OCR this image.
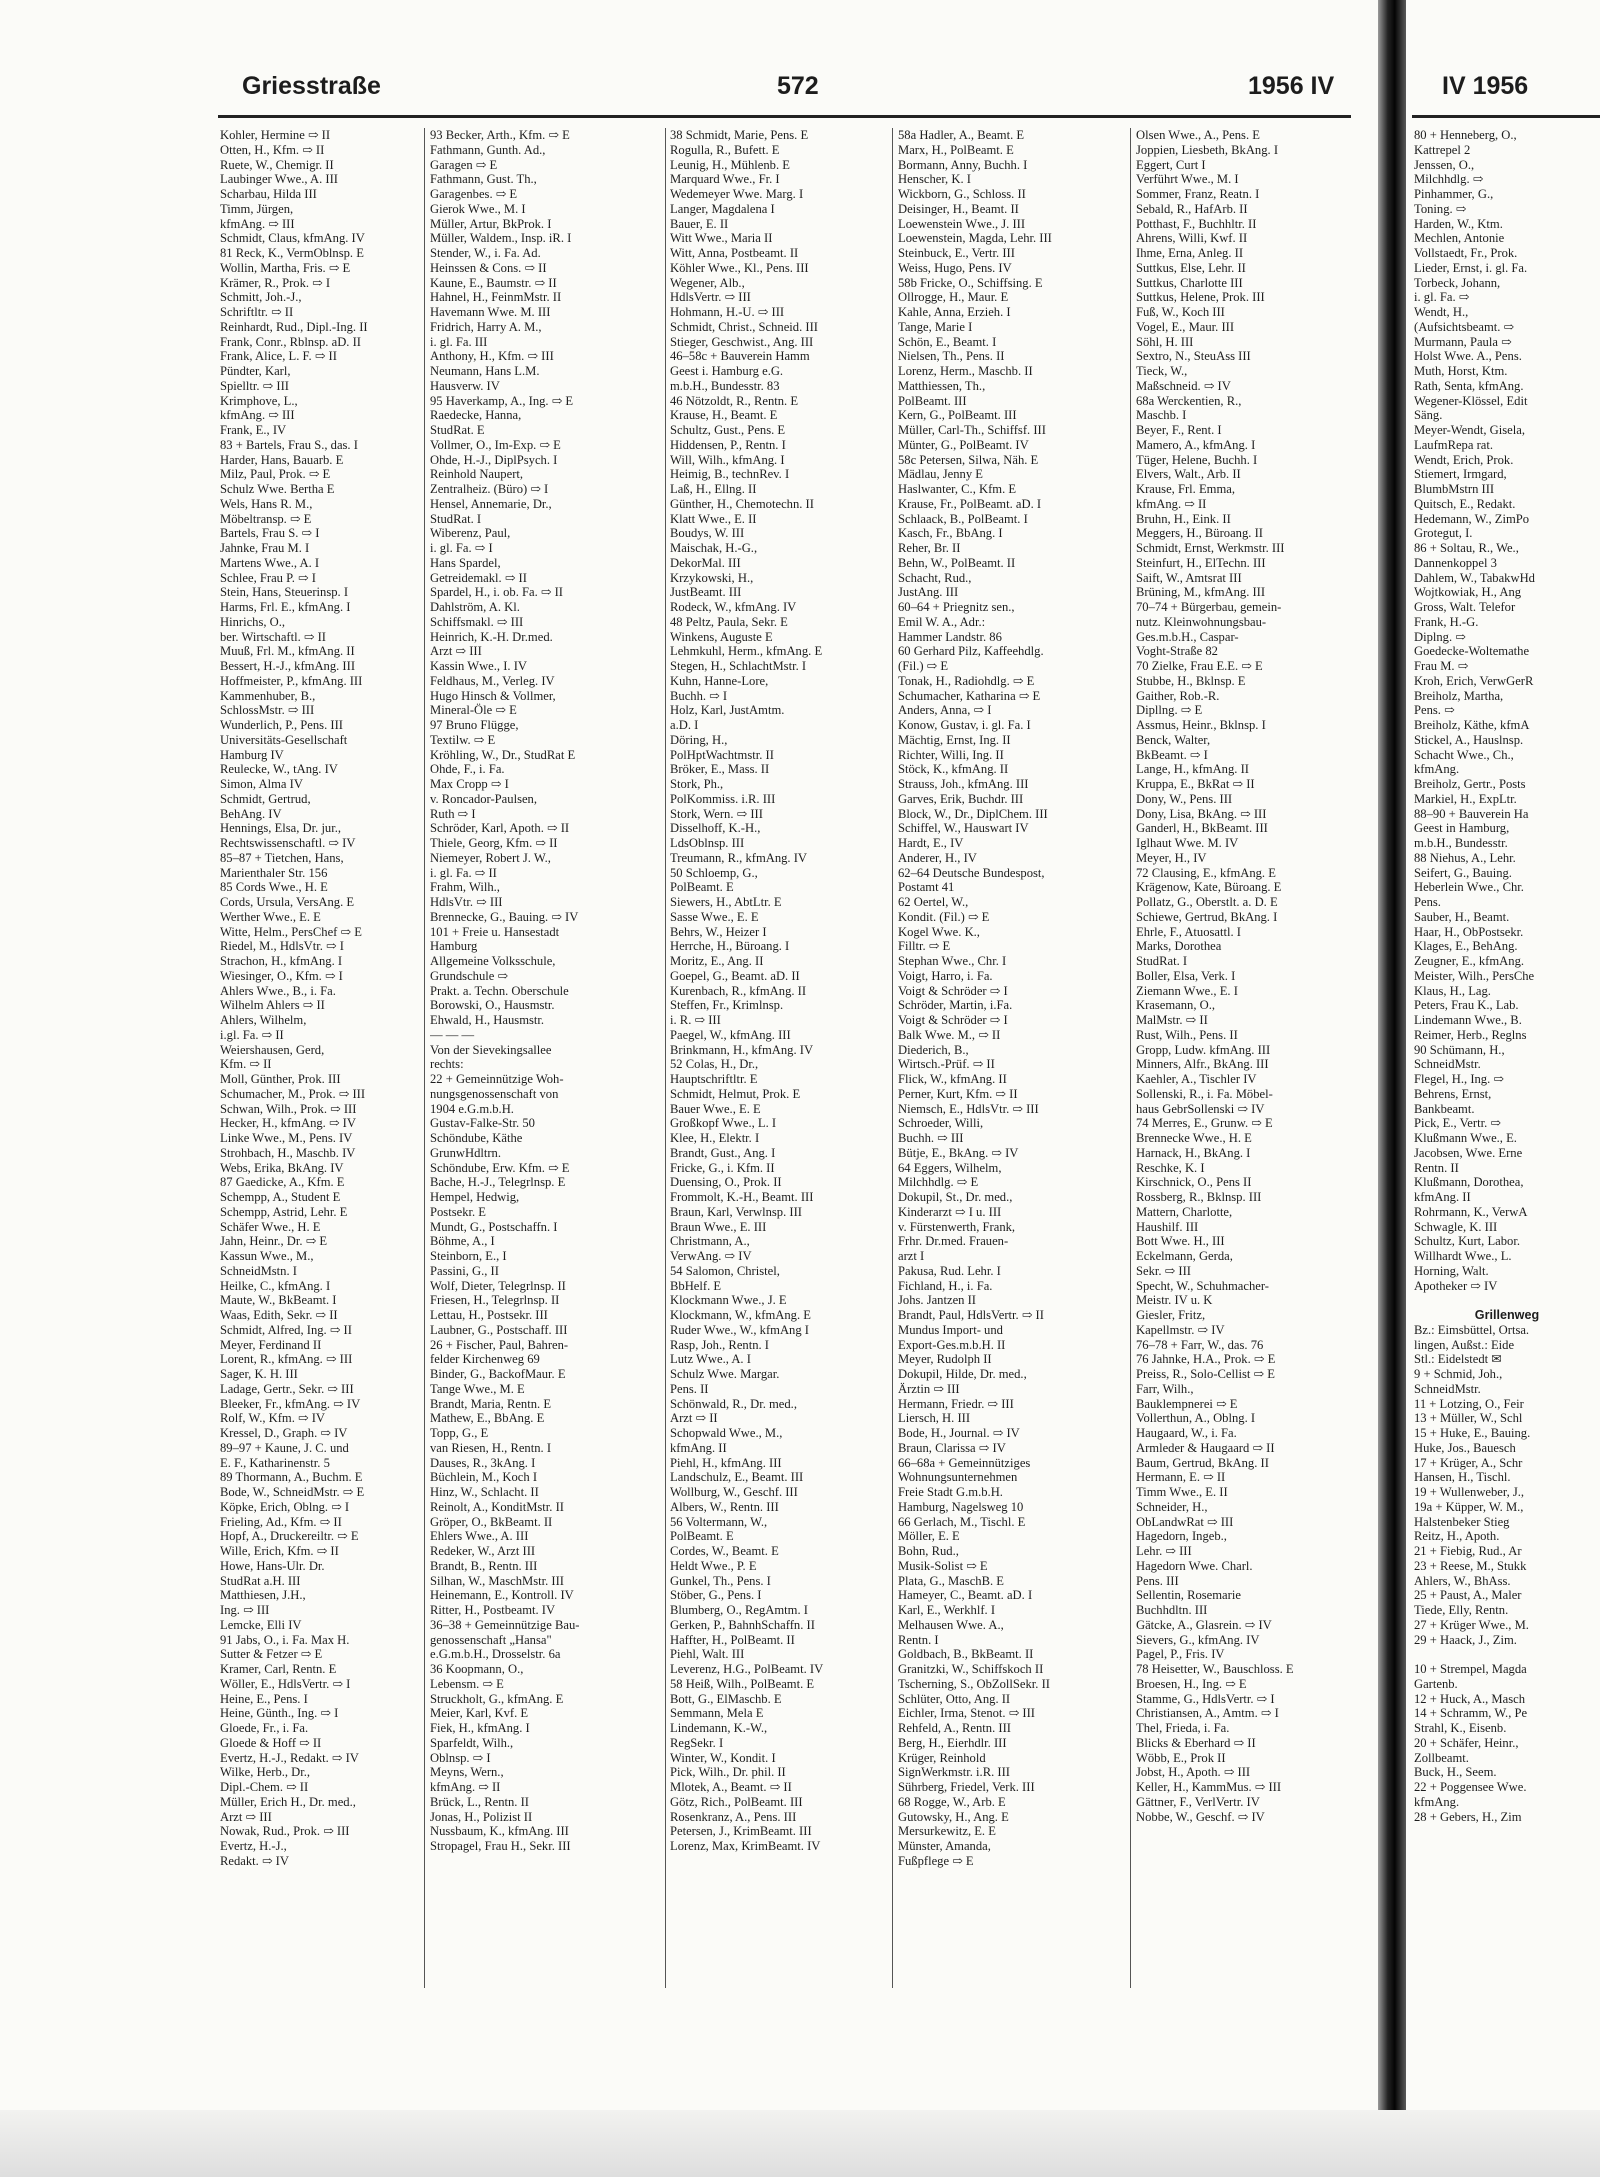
Griesstraße	572	1956 IV	IV 1956
Kohler, Hermine ⇨ II
Otten, H., Kfm. ⇨ II
Ruete, W., Chemigr. II
Laubinger Wwe., A. III
Scharbau, Hilda III
Timm, Jürgen,
kfmAng. ⇨ III
Schmidt, Claus, kfmAng. IV
81 Reck, K., VermOblnsp. E
Wollin, Martha, Fris. ⇨ E
Krämer, R., Prok. ⇨ I
Schmitt, Joh.-J.,
Schriftltr. ⇨ II
Reinhardt, Rud., Dipl.-Ing. II
Frank, Conr., Rblnsp. aD. II
Frank, Alice, L. F. ⇨ II
Pündter, Karl,
Spielltr. ⇨ III
Krimphove, L.,
kfmAng. ⇨ III
Frank, E., IV
83 + Bartels, Frau S., das. I
Harder, Hans, Bauarb. E
Milz, Paul, Prok. ⇨ E
Schulz Wwe. Bertha E
Wels, Hans R. M.,
Möbeltransp. ⇨ E
Bartels, Frau S. ⇨ I
Jahnke, Frau M. I
Martens Wwe., A. I
Schlee, Frau P. ⇨ I
Stein, Hans, Steuerinsp. I
Harms, Frl. E., kfmAng. I
Hinrichs, O.,
ber. Wirtschaftl. ⇨ II
Muuß, Frl. M., kfmAng. II
Bessert, H.-J., kfmAng. III
Hoffmeister, P., kfmAng. III
Kammenhuber, B.,
SchlossMstr. ⇨ III
Wunderlich, P., Pens. III
Universitäts-Gesellschaft
Hamburg IV
Reulecke, W., tAng. IV
Simon, Alma IV
Schmidt, Gertrud,
BehAng. IV
Hennings, Elsa, Dr. jur.,
Rechtswissenschaftl. ⇨ IV
85–87 + Tietchen, Hans,
Marienthaler Str. 156
85 Cords Wwe., H. E
Cords, Ursula, VersAng. E
Werther Wwe., E. E
Witte, Helm., PersChef ⇨ E
Riedel, M., HdlsVtr. ⇨ I
Strachon, H., kfmAng. I
Wiesinger, O., Kfm. ⇨ I
Ahlers Wwe., B., i. Fa.
Wilhelm Ahlers ⇨ II
Ahlers, Wilhelm,
i.gl. Fa. ⇨ II
Weiershausen, Gerd,
Kfm. ⇨ II
Moll, Günther, Prok. III
Schumacher, M., Prok. ⇨ III
Schwan, Wilh., Prok. ⇨ III
Hecker, H., kfmAng. ⇨ IV
Linke Wwe., M., Pens. IV
Strohbach, H., Maschb. IV
Webs, Erika, BkAng. IV
87 Gaedicke, A., Kfm. E
Schempp, A., Student E
Schempp, Astrid, Lehr. E
Schäfer Wwe., H. E
Jahn, Heinr., Dr. ⇨ E
Kassun Wwe., M.,
SchneidMstn. I
Heilke, C., kfmAng. I
Maute, W., BkBeamt. I
Waas, Edith, Sekr. ⇨ II
Schmidt, Alfred, Ing. ⇨ II
Meyer, Ferdinand II
Lorent, R., kfmAng. ⇨ III
Sager, K. H. III
Ladage, Gertr., Sekr. ⇨ III
Bleeker, Fr., kfmAng. ⇨ IV
Rolf, W., Kfm. ⇨ IV
Kressel, D., Graph. ⇨ IV
89–97 + Kaune, J. C. und
E. F., Katharinenstr. 5
89 Thormann, A., Buchm. E
Bode, W., SchneidMstr. ⇨ E
Köpke, Erich, Oblng. ⇨ I
Frieling, Ad., Kfm. ⇨ II
Hopf, A., Druckereiltr. ⇨ E
Wille, Erich, Kfm. ⇨ II
Howe, Hans-Ulr. Dr.
StudRat a.H. III
Matthiesen, J.H.,
Ing. ⇨ III
Lemcke, Elli IV
91 Jabs, O., i. Fa. Max H.
Sutter & Fetzer ⇨ E
Kramer, Carl, Rentn. E
Wöller, E., HdlsVertr. ⇨ I
Heine, E., Pens. I
Heine, Günth., Ing. ⇨ I
Gloede, Fr., i. Fa.
Gloede & Hoff ⇨ II
Evertz, H.-J., Redakt. ⇨ IV
Wilke, Herb., Dr.,
Dipl.-Chem. ⇨ II
Müller, Erich H., Dr. med.,
Arzt ⇨ III
Nowak, Rud., Prok. ⇨ III
Evertz, H.-J.,
Redakt. ⇨ IV
93 Becker, Arth., Kfm. ⇨ E
Fathmann, Gunth. Ad.,
Garagen ⇨ E
Fathmann, Gust. Th.,
Garagenbes. ⇨ E
Gierok Wwe., M. I
Müller, Artur, BkProk. I
Müller, Waldem., Insp. iR. I
Stender, W., i. Fa. Ad.
Heinssen & Cons. ⇨ II
Kaune, E., Baumstr. ⇨ II
Hahnel, H., FeinmMstr. II
Havemann Wwe. M. III
Fridrich, Harry A. M.,
i. gl. Fa. III
Anthony, H., Kfm. ⇨ III
Neumann, Hans L.M.
Hausverw. IV
95 Haverkamp, A., Ing. ⇨ E
Raedecke, Hanna,
StudRat. E
Vollmer, O., Im-Exp. ⇨ E
Ohde, H.-J., DiplPsych. I
Reinhold Naupert,
Zentralheiz. (Büro) ⇨ I
Hensel, Annemarie, Dr.,
StudRat. I
Wiberenz, Paul,
i. gl. Fa. ⇨ I
Hans Spardel,
Getreidemakl. ⇨ II
Spardel, H., i. ob. Fa. ⇨ II
Dahlström, A. Kl.
Schiffsmakl. ⇨ III
Heinrich, K.-H. Dr.med.
Arzt ⇨ III
Kassin Wwe., I. IV
Feldhaus, M., Verleg. IV
Hugo Hinsch & Vollmer,
Mineral-Öle ⇨ E
97 Bruno Flügge,
Textilw. ⇨ E
Kröhling, W., Dr., StudRat E
Ohde, F., i. Fa.
Max Cropp ⇨ I
v. Roncador-Paulsen,
Ruth ⇨ I
Schröder, Karl, Apoth. ⇨ II
Thiele, Georg, Kfm. ⇨ II
Niemeyer, Robert J. W.,
i. gl. Fa. ⇨ II
Frahm, Wilh.,
HdlsVtr. ⇨ III
Brennecke, G., Bauing. ⇨ IV
101 + Freie u. Hansestadt
Hamburg
Allgemeine Volksschule,
Grundschule ⇨
Prakt. a. Techn. Oberschule
Borowski, O., Hausmstr.
Ehwald, H., Hausmstr.
— — —
Von der Sievekingsallee
rechts:
22 + Gemeinnützige Woh-
nungsgenossenschaft von
1904 e.G.m.b.H.
Gustav-Falke-Str. 50
Schöndube, Käthe
GrunwHdltrn.
Schöndube, Erw. Kfm. ⇨ E
Bache, H.-J., Telegrlnsp. E
Hempel, Hedwig,
Postsekr. E
Mundt, G., Postschaffn. I
Böhme, A., I
Steinborn, E., I
Passini, G., II
Wolf, Dieter, Telegrlnsp. II
Friesen, H., Telegrlnsp. II
Lettau, H., Postsekr. III
Laubner, G., Postschaff. III
26 + Fischer, Paul, Bahren-
felder Kirchenweg 69
Binder, G., BackofMaur. E
Tange Wwe., M. E
Brandt, Maria, Rentn. E
Mathew, E., BbAng. E
Topp, G., E
van Riesen, H., Rentn. I
Dauses, R., 3kAng. I
Büchlein, M., Koch I
Hinz, W., Schlacht. II
Reinolt, A., KonditMstr. II
Gröper, O., BkBeamt. II
Ehlers Wwe., A. III
Redeker, W., Arzt III
Brandt, B., Rentn. III
Silhan, W., MaschMstr. III
Heinemann, E., Kontroll. IV
Ritter, H., Postbeamt. IV
36–38 + Gemeinnützige Bau-
genossenschaft „Hansa"
e.G.m.b.H., Drosselstr. 6a
36 Koopmann, O.,
Lebensm. ⇨ E
Struckholt, G., kfmAng. E
Meier, Karl, Kvf. E
Fiek, H., kfmAng. I
Sparfeldt, Wilh.,
Oblnsp. ⇨ I
Meyns, Wern.,
kfmAng. ⇨ II
Brück, L., Rentn. II
Jonas, H., Polizist II
Nussbaum, K., kfmAng. III
Stropagel, Frau H., Sekr. III
38 Schmidt, Marie, Pens. E
Rogulla, R., Bufett. E
Leunig, H., Mühlenb. E
Marquard Wwe., Fr. I
Wedemeyer Wwe. Marg. I
Langer, Magdalena I
Bauer, E. II
Witt Wwe., Maria II
Witt, Anna, Postbeamt. II
Köhler Wwe., Kl., Pens. III
Wegener, Alb.,
HdlsVertr. ⇨ III
Hohmann, H.-U. ⇨ III
Schmidt, Christ., Schneid. III
Stieger, Geschwist., Ang. III
46–58c + Bauverein Hamm
Geest i. Hamburg e.G.
m.b.H., Bundesstr. 83
46 Nötzoldt, R., Rentn. E
Krause, H., Beamt. E
Schultz, Gust., Pens. E
Hiddensen, P., Rentn. I
Will, Wilh., kfmAng. I
Heimig, B., technRev. I
Laß, H., Ellng. II
Günther, H., Chemotechn. II
Klatt Wwe., E. II
Boudys, W. III
Maischak, H.-G.,
DekorMal. III
Krzykowski, H.,
JustBeamt. III
Rodeck, W., kfmAng. IV
48 Peltz, Paula, Sekr. E
Winkens, Auguste E
Lehmkuhl, Herm., kfmAng. E
Stegen, H., SchlachtMstr. I
Kuhn, Hanne-Lore,
Buchh. ⇨ I
Holz, Karl, JustAmtm.
a.D. I
Döring, H.,
PolHptWachtmstr. II
Bröker, E., Mass. II
Stork, Ph.,
PolKommiss. i.R. III
Stork, Wern. ⇨ III
Disselhoff, K.-H.,
LdsOblnsp. III
Treumann, R., kfmAng. IV
50 Schloemp, G.,
PolBeamt. E
Siewers, H., AbtLtr. E
Sasse Wwe., E. E
Behrs, W., Heizer I
Herrche, H., Büroang. I
Moritz, E., Ang. II
Goepel, G., Beamt. aD. II
Kurenbach, R., kfmAng. II
Steffen, Fr., Krimlnsp.
i. R. ⇨ III
Paegel, W., kfmAng. III
Brinkmann, H., kfmAng. IV
52 Colas, H., Dr.,
Hauptschriftltr. E
Schmidt, Helmut, Prok. E
Bauer Wwe., E. E
Großkopf Wwe., L. I
Klee, H., Elektr. I
Brandt, Gust., Ang. I
Fricke, G., i. Kfm. II
Duensing, O., Prok. II
Frommolt, K.-H., Beamt. III
Braun, Karl, Verwlnsp. III
Braun Wwe., E. III
Christmann, A.,
VerwAng. ⇨ IV
54 Salomon, Christel,
BbHelf. E
Klockmann Wwe., J. E
Klockmann, W., kfmAng. E
Ruder Wwe., W., kfmAng I
Rasp, Joh., Rentn. I
Lutz Wwe., A. I
Schulz Wwe. Margar.
Pens. II
Schönwald, R., Dr. med.,
Arzt ⇨ II
Schopwald Wwe., M.,
kfmAng. II
Piehl, H., kfmAng. III
Landschulz, E., Beamt. III
Wollburg, W., Geschf. III
Albers, W., Rentn. III
56 Voltermann, W.,
PolBeamt. E
Cordes, W., Beamt. E
Heldt Wwe., P. E
Gunkel, Th., Pens. I
Stöber, G., Pens. I
Blumberg, O., RegAmtm. I
Gerken, P., BahnhSchaffn. II
Haffter, H., PolBeamt. II
Piehl, Walt. III
Leverenz, H.G., PolBeamt. IV
58 Heiß, Wilh., PolBeamt. E
Bott, G., ElMaschb. E
Semmann, Mela E
Lindemann, K.-W.,
RegSekr. I
Winter, W., Kondit. I
Pick, Wilh., Dr. phil. II
Mlotek, A., Beamt. ⇨ II
Götz, Rich., PolBeamt. III
Rosenkranz, A., Pens. III
Petersen, J., KrimBeamt. III
Lorenz, Max, KrimBeamt. IV
58a Hadler, A., Beamt. E
Marx, H., PolBeamt. E
Bormann, Anny, Buchh. I
Henscher, K. I
Wickborn, G., Schloss. II
Deisinger, H., Beamt. II
Loewenstein Wwe., J. III
Loewenstein, Magda, Lehr. III
Steinbuck, E., Vertr. III
Weiss, Hugo, Pens. IV
58b Fricke, O., Schiffsing. E
Ollrogge, H., Maur. E
Kahle, Anna, Erzieh. I
Tange, Marie I
Schön, E., Beamt. I
Nielsen, Th., Pens. II
Lorenz, Herm., Maschb. II
Matthiessen, Th.,
PolBeamt. III
Kern, G., PolBeamt. III
Müller, Carl-Th., Schiffsf. III
Münter, G., PolBeamt. IV
58c Petersen, Silwa, Näh. E
Mädlau, Jenny E
Haslwanter, C., Kfm. E
Krause, Fr., PolBeamt. aD. I
Schlaack, B., PolBeamt. I
Kasch, Fr., BbAng. I
Reher, Br. II
Behn, W., PolBeamt. II
Schacht, Rud.,
JustAng. III
60–64 + Priegnitz sen.,
Emil W. A., Adr.:
Hammer Landstr. 86
60 Gerhard Pilz, Kaffeehdlg.
(Fil.) ⇨ E
Tonak, H., Radiohdlg. ⇨ E
Schumacher, Katharina ⇨ E
Anders, Anna, ⇨ I
Konow, Gustav, i. gl. Fa. I
Mächtig, Ernst, Ing. II
Richter, Willi, Ing. II
Stöck, K., kfmAng. II
Strauss, Joh., kfmAng. III
Garves, Erik, Buchdr. III
Block, W., Dr., DiplChem. III
Schiffel, W., Hauswart IV
Hardt, E., IV
Anderer, H., IV
62–64 Deutsche Bundespost,
Postamt 41
62 Oertel, W.,
Kondit. (Fil.) ⇨ E
Kogel Wwe. K.,
Filltr. ⇨ E
Stephan Wwe., Chr. I
Voigt, Harro, i. Fa.
Voigt & Schröder ⇨ I
Schröder, Martin, i.Fa.
Voigt & Schröder ⇨ I
Balk Wwe. M., ⇨ II
Diederich, B.,
Wirtsch.-Prüf. ⇨ II
Flick, W., kfmAng. II
Perner, Kurt, Kfm. ⇨ II
Niemsch, E., HdlsVtr. ⇨ III
Schroeder, Willi,
Buchh. ⇨ III
Bütje, E., BkAng. ⇨ IV
64 Eggers, Wilhelm,
Milchhdlg. ⇨ E
Dokupil, St., Dr. med.,
Kinderarzt ⇨ I u. III
v. Fürstenwerth, Frank,
Frhr. Dr.med. Frauen-
arzt I
Pakusa, Rud. Lehr. I
Fichland, H., i. Fa.
Johs. Jantzen II
Brandt, Paul, HdlsVertr. ⇨ II
Mundus Import- und
Export-Ges.m.b.H. II
Meyer, Rudolph II
Dokupil, Hilde, Dr. med.,
Ärztin ⇨ III
Hermann, Friedr. ⇨ III
Liersch, H. III
Bode, H., Journal. ⇨ IV
Braun, Clarissa ⇨ IV
66–68a + Gemeinnütziges
Wohnungsunternehmen
Freie Stadt G.m.b.H.
Hamburg, Nagelsweg 10
66 Gerlach, M., Tischl. E
Möller, E. E
Bohn, Rud.,
Musik-Solist ⇨ E
Plata, G., MaschB. E
Hameyer, C., Beamt. aD. I
Karl, E., Werkhlf. I
Melhausen Wwe. A.,
Rentn. I
Goldbach, B., BkBeamt. II
Granitzki, W., Schiffskoch II
Tscherning, S., ObZollSekr. II
Schlüter, Otto, Ang. II
Eichler, Irma, Stenot. ⇨ III
Rehfeld, A., Rentn. III
Berg, H., Eierhdlr. III
Krüger, Reinhold
SignWerkmstr. i.R. III
Sührberg, Friedel, Verk. III
68 Rogge, W., Arb. E
Gutowsky, H., Ang. E
Mersurkewitz, E. E
Münster, Amanda,
Fußpflege ⇨ E
Olsen Wwe., A., Pens. E
Joppien, Liesbeth, BkAng. I
Eggert, Curt I
Verführt Wwe., M. I
Sommer, Franz, Reatn. I
Sebald, R., HafArb. II
Potthast, F., Buchhltr. II
Ahrens, Willi, Kwf. II
Ihme, Erna, Anleg. II
Suttkus, Else, Lehr. II
Suttkus, Charlotte III
Suttkus, Helene, Prok. III
Fuß, W., Koch III
Vogel, E., Maur. III
Söhl, H. III
Sextro, N., SteuAss III
Tieck, W.,
Maßschneid. ⇨ IV
68a Werckentien, R.,
Maschb. I
Beyer, F., Rent. I
Mamero, A., kfmAng. I
Tüger, Helene, Buchh. I
Elvers, Walt., Arb. II
Krause, Frl. Emma,
kfmAng. ⇨ II
Bruhn, H., Eink. II
Meggers, H., Büroang. II
Schmidt, Ernst, Werkmstr. III
Steinfurt, H., ElTechn. III
Saift, W., Amtsrat III
Brüning, M., kfmAng. III
70–74 + Bürgerbau, gemein-
nutz. Kleinwohnungsbau-
Ges.m.b.H., Caspar-
Voght-Straße 82
70 Zielke, Frau E.E. ⇨ E
Stubbe, H., Bklnsp. E
Gaither, Rob.-R.
Dipllng. ⇨ E
Assmus, Heinr., Bklnsp. I
Benck, Walter,
BkBeamt. ⇨ I
Lange, H., kfmAng. II
Kruppa, E., BkRat ⇨ II
Dony, W., Pens. III
Dony, Lisa, BkAng. ⇨ III
Ganderl, H., BkBeamt. III
Iglhaut Wwe. M. IV
Meyer, H., IV
72 Clausing, E., kfmAng. E
Krägenow, Kate, Büroang. E
Pollatz, G., Oberstlt. a. D. E
Schiewe, Gertrud, BkAng. I
Ehrle, F., Atuosattl. I
Marks, Dorothea
StudRat. I
Boller, Elsa, Verk. I
Ziemann Wwe., E. I
Krasemann, O.,
MalMstr. ⇨ II
Rust, Wilh., Pens. II
Gropp, Ludw. kfmAng. III
Minners, Alfr., BkAng. III
Kaehler, A., Tischler IV
Sollenski, R., i. Fa. Möbel-
haus GebrSollenski ⇨ IV
74 Merres, E., Grunw. ⇨ E
Brennecke Wwe., H. E
Harnack, H., BkAng. I
Reschke, K. I
Kirschnick, O., Pens II
Rossberg, R., Bklnsp. III
Mattern, Charlotte,
Haushilf. III
Bott Wwe. H., III
Eckelmann, Gerda,
Sekr. ⇨ III
Specht, W., Schuhmacher-
Meistr. IV u. K
Giesler, Fritz,
Kapellmstr. ⇨ IV
76–78 + Farr, W., das. 76
76 Jahnke, H.A., Prok. ⇨ E
Preiss, R., Solo-Cellist ⇨ E
Farr, Wilh.,
Bauklempnerei ⇨ E
Vollerthun, A., Oblng. I
Haugaard, W., i. Fa.
Armleder & Haugaard ⇨ II
Baum, Gertrud, BkAng. II
Hermann, E. ⇨ II
Timm Wwe., E. II
Schneider, H.,
ObLandwRat ⇨ III
Hagedorn, Ingeb.,
Lehr. ⇨ III
Hagedorn Wwe. Charl.
Pens. III
Sellentin, Rosemarie
Buchhdltn. III
Gätcke, A., Glasrein. ⇨ IV
Sievers, G., kfmAng. IV
Pagel, P., Fris. IV
78 Heisetter, W., Bauschloss. E
Broesen, H., Ing. ⇨ E
Stamme, G., HdlsVertr. ⇨ I
Christiansen, A., Amtm. ⇨ I
Thel, Frieda, i. Fa.
Blicks & Eberhard ⇨ II
Wöbb, E., Prok II
Jobst, H., Apoth. ⇨ III
Keller, H., KammMus. ⇨ III
Gättner, F., VerlVertr. IV
Nobbe, W., Geschf. ⇨ IV
80 + Henneberg, O.,
Kattrepel 2
Jenssen, O.,
Milchhdlg. ⇨
Pinhammer, G.,
Toning. ⇨
Harden, W., Ktm.
Mechlen, Antonie
Vollstaedt, Fr., Prok.
Lieder, Ernst, i. gl. Fa.
Torbeck, Johann,
i. gl. Fa. ⇨
Wendt, H.,
(Aufsichtsbeamt. ⇨
Murmann, Paula ⇨
Holst Wwe. A., Pens.
Muth, Horst, Ktm.
Rath, Senta, kfmAng.
Wegener-Klössel, Edit
Säng.
Meyer-Wendt, Gisela,
LaufmRepa rat.
Wendt, Erich, Prok.
Stiemert, Irmgard,
BlumbMstrn III
Quitsch, E., Redakt.
Hedemann, W., ZimPo
Grotegut, I.
86 + Soltau, R., We.,
Dannenkoppel 3
Dahlem, W., TabakwHd
Wojtkowiak, H., Ang
Gross, Walt. Telefor
Frank, H.-G.
Diplng. ⇨
Goedecke-Woltemathe
Frau M. ⇨
Kroh, Erich, VerwGerR
Breiholz, Martha,
Pens. ⇨
Breiholz, Käthe, kfmA
Stickel, A., Hauslnsp.
Schacht Wwe., Ch.,
kfmAng.
Breiholz, Gertr., Posts
Markiel, H., ExpLtr.
88–90 + Bauverein Ha
Geest in Hamburg,
m.b.H., Bundesstr.
88 Niehus, A., Lehr.
Seifert, G., Bauing.
Heberlein Wwe., Chr.
Pens.
Sauber, H., Beamt.
Haar, H., ObPostsekr.
Klages, E., BehAng.
Zeugner, E., kfmAng.
Meister, Wilh., PersChe
Klaus, H., Lag.
Peters, Frau K., Lab.
Lindemann Wwe., B.
Reimer, Herb., Reglns
90 Schümann, H.,
SchneidMstr.
Flegel, H., Ing. ⇨
Behrens, Ernst,
Bankbeamt.
Pick, E., Vertr. ⇨
Klußmann Wwe., E.
Jacobsen, Wwe. Erne
Rentn. II
Klußmann, Dorothea,
kfmAng. II
Rohrmann, K., VerwA
Schwagle, K. III
Schultz, Kurt, Labor.
Willhardt Wwe., L.
Horning, Walt.
Apotheker ⇨ IV
Grillenweg
Bz.: Eimsbüttel, Ortsa.
lingen, Außst.: Eide
Stl.: Eidelstedt ✉
9 + Schmid, Joh.,
SchneidMstr.
11 + Lotzing, O., Feir
13 + Müller, W., Schl
15 + Huke, E., Bauing.
Huke, Jos., Bauesch
17 + Krüger, A., Schr
Hansen, H., Tischl.
19 + Wullenweber, J.,
19a + Küpper, W. M.,
Halstenbeker Stieg
Reitz, H., Apoth.
21 + Fiebig, Rud., Ar
23 + Reese, M., Stukk
Ahlers, W., BhAss.
25 + Paust, A., Maler
Tiede, Elly, Rentn.
27 + Krüger Wwe., M.
29 + Haack, J., Zim.
10 + Strempel, Magda
Gartenb.
12 + Huck, A., Masch
14 + Schramm, W., Pe
Strahl, K., Eisenb.
20 + Schäfer, Heinr.,
Zollbeamt.
Buck, H., Seem.
22 + Poggensee Wwe.
kfmAng.
28 + Gebers, H., Zim
